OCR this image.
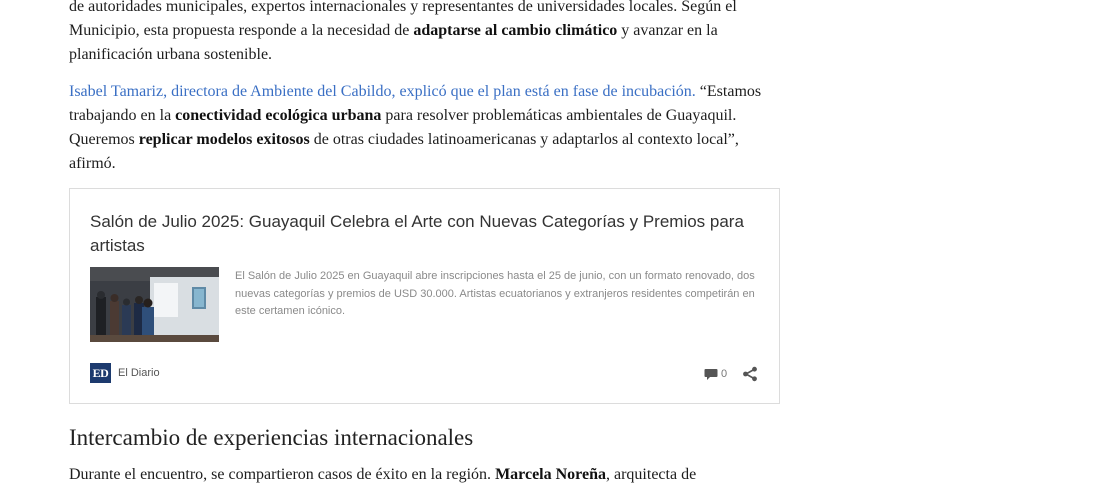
de autoridades municipales, expertos internacionales y representantes de universidades locales. Según el Municipio, esta propuesta responde a la necesidad de adaptarse al cambio climático y avanzar en la planificación urbana sostenible.

Isabel Tamariz, directora de Ambiente del Cabildo, explicó que el plan está en fase de incubación. “Estamos trabajando en la conectividad ecológica urbana para resolver problemáticas ambientales de Guayaquil. Queremos replicar modelos exitosos de otras ciudades latinoamericanas y adaptarlos al contexto local”, afirmó.

Salón de Julio 2025: Guayaquil Celebra el Arte con Nuevas Categorías y Premios para artistas

El Salón de Julio 2025 en Guayaquil abre inscripciones hasta el 25 de junio, con un formato renovado, dos nuevas categorías y premios de USD 30.000. Artistas ecuatorianos y extranjeros residentes competirán en este certamen icónico.

ED El Diario	0
Intercambio de experiencias internacionales

Durante el encuentro, se compartieron casos de éxito en la región. Marcela Noreña, arquitecta de
